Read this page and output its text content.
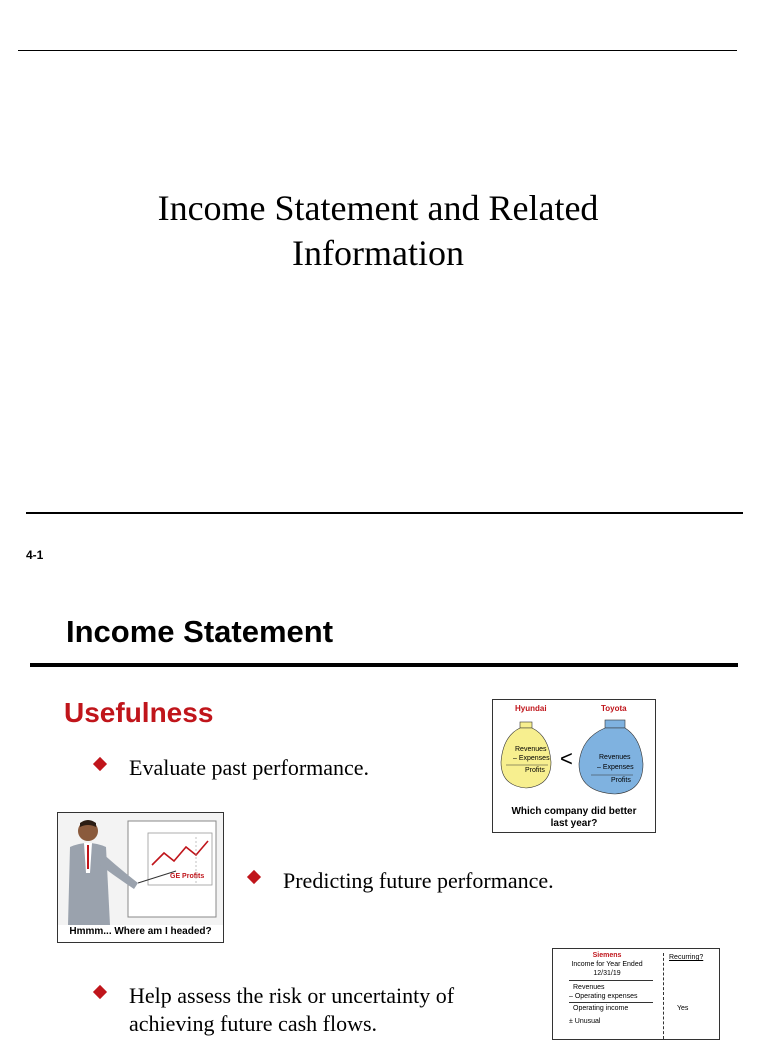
Income Statement and Related
Information
4-1
Income Statement
Usefulness
Evaluate past performance.
Predicting future performance.
Help assess the risk or uncertainty of
achieving future cash flows.
Hyundai	Toyota
Revenues
– Expenses
Profits <	Revenues
– Expenses
Profits
Which company did better
last year?
GE Profits
Hmmm... Where am I headed?
Siemens
Income for Year Ended
12/31/19
Recurring?
Revenues
– Operating expenses
Operating income	Yes
± Unusual
